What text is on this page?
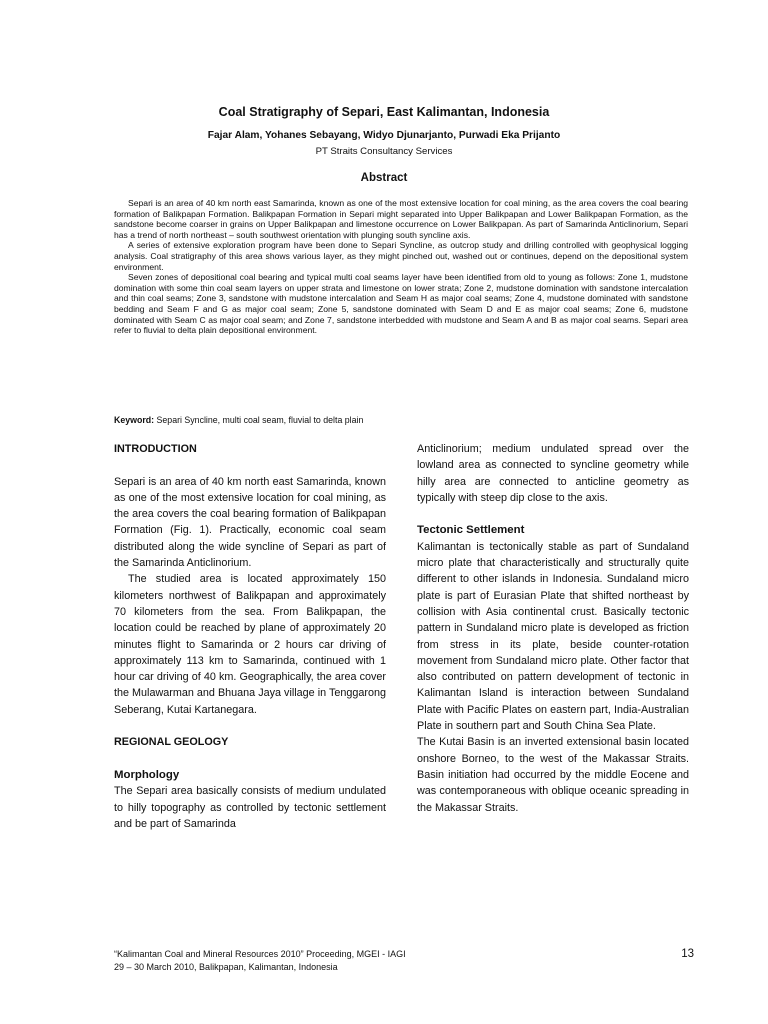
Coal Stratigraphy of Separi, East Kalimantan, Indonesia
Fajar Alam, Yohanes Sebayang, Widyo Djunarjanto, Purwadi Eka Prijanto
PT Straits Consultancy Services
Abstract

Separi is an area of 40 km north east Samarinda, known as one of the most extensive location for coal mining, as the area covers the coal bearing formation of Balikpapan Formation. Balikpapan Formation in Separi might separated into Upper Balikpapan and Lower Balikpapan Formation, as the sandstone become coarser in grains on Upper Balikpapan and limestone occurrence on Lower Balikpapan. As part of Samarinda Anticlinorium, Separi has a trend of north northeast – south southwest orientation with plunging south syncline axis.

A series of extensive exploration program have been done to Separi Syncline, as outcrop study and drilling controlled with geophysical logging analysis. Coal stratigraphy of this area shows various layer, as they might pinched out, washed out or continues, depend on the depositional system environment.

Seven zones of depositional coal bearing and typical multi coal seams layer have been identified from old to young as follows: Zone 1, mudstone domination with some thin coal seam layers on upper strata and limestone on lower strata; Zone 2, mudstone domination with sandstone intercalation and thin coal seams; Zone 3, sandstone with mudstone intercalation and Seam H as major coal seams; Zone 4, mudstone dominated with sandstone bedding and Seam F and G as major coal seam; Zone 5, sandstone dominated with Seam D and E as major coal seams; Zone 6, mudstone dominated with Seam C as major coal seam; and Zone 7, sandstone interbedded with mudstone and Seam A and B as major coal seams. Separi area refer to fluvial to delta plain depositional environment.

Keyword: Separi Syncline, multi coal seam, fluvial to delta plain
INTRODUCTION

Separi is an area of 40 km north east Samarinda, known as one of the most extensive location for coal mining, as the area covers the coal bearing formation of Balikpapan Formation (Fig. 1). Practically, economic coal seam distributed along the wide syncline of Separi as part of the Samarinda Anticlinorium.

The studied area is located approximately 150 kilometers northwest of Balikpapan and approximately 70 kilometers from the sea. From Balikpapan, the location could be reached by plane of approximately 20 minutes flight to Samarinda or 2 hours car driving of approximately 113 km to Samarinda, continued with 1 hour car driving of 40 km. Geographically, the area cover the Mulawarman and Bhuana Jaya village in Tenggarong Seberang, Kutai Kartanegara.

REGIONAL GEOLOGY
Morphology

The Separi area basically consists of medium undulated to hilly topography as controlled by tectonic settlement and be part of Samarinda

Anticlinorium; medium undulated spread over the lowland area as connected to syncline geometry while hilly area are connected to anticline geometry as typically with steep dip close to the axis.

Tectonic Settlement

Kalimantan is tectonically stable as part of Sundaland micro plate that characteristically and structurally quite different to other islands in Indonesia. Sundaland micro plate is part of Eurasian Plate that shifted northeast by collision with Asia continental crust. Basically tectonic pattern in Sundaland micro plate is developed as friction from stress in its plate, beside counter-rotation movement from Sundaland micro plate. Other factor that also contributed on pattern development of tectonic in Kalimantan Island is interaction between Sundaland Plate with Pacific Plates on eastern part, India-Australian Plate in southern part and South China Sea Plate.

The Kutai Basin is an inverted extensional basin located onshore Borneo, to the west of the Makassar Straits. Basin initiation had occurred by the middle Eocene and was contemporaneous with oblique oceanic spreading in the Makassar Straits.

“Kalimantan Coal and Mineral Resources 2010” Proceeding, MGEI - IAGI
29 – 30 March 2010, Balikpapan, Kalimantan, Indonesia
13
